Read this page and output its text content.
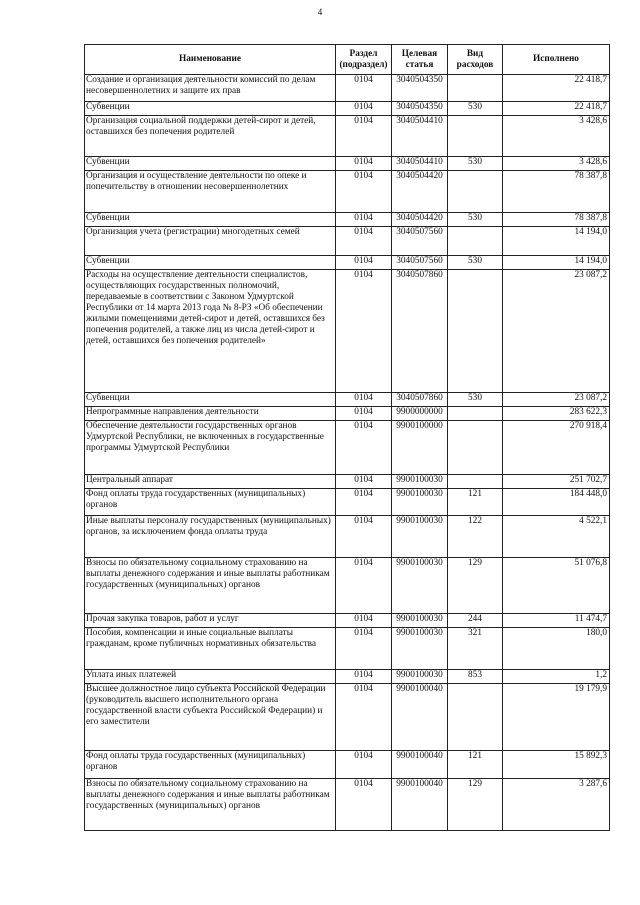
4
Наименование	Раздел (подраздел)	Целевая статья	Вид расходов	Исполнено
Создание и организация деятельности комиссий по делам несовершеннолетних и защите их прав	0104	3040504350		22 418,7
Субвенции	0104	3040504350	530	22 418,7
Организация социальной поддержки детей-сирот и детей, оставшихся без попечения родителей	0104	3040504410		3 428,6
Субвенции	0104	3040504410	530	3 428,6
Организация и осуществление деятельности по опеке и попечительству в отношении несовершеннолетних	0104	3040504420		78 387,8
Субвенции	0104	3040504420	530	78 387,8
Организация учета (регистрации) многодетных семей	0104	3040507560		14 194,0
Субвенции	0104	3040507560	530	14 194,0
Расходы на осуществление деятельности специалистов, осуществляющих государственных полномочий, передаваемые в соответствии с Законом Удмуртской Республики от 14 марта 2013 года № 8-РЗ «Об обеспечении жилыми помещениями детей-сирот и детей, оставшихся без попечения родителей, а также лиц из числа детей-сирот и детей, оставшихся без попечения родителей»	0104	3040507860		23 087,2
Субвенции	0104	3040507860	530	23 087,2
Непрограммные направления деятельности	0104	9900000000		283 622,3
Обеспечение деятельности государственных органов Удмуртской Республики, не включенных в государственные программы Удмуртской Республики	0104	9900100000		270 918,4
Центральный аппарат	0104	9900100030		251 702,7
Фонд оплаты труда государственных (муниципальных) органов	0104	9900100030	121	184 448,0
Иные выплаты персоналу государственных (муниципальных) органов, за исключением фонда оплаты труда	0104	9900100030	122	4 522,1
Взносы по обязательному социальному страхованию на выплаты денежного содержания и иные выплаты работникам государственных (муниципальных) органов	0104	9900100030	129	51 076,8
Прочая закупка товаров, работ и услуг	0104	9900100030	244	11 474,7
Пособия, компенсации и иные социальные выплаты гражданам, кроме публичных нормативных обязательства	0104	9900100030	321	180,0
Уплата иных платежей	0104	9900100030	853	1,2
Высшее должностное лицо субъекта Российской Федерации (руководитель высшего исполнительного органа государственной власти субъекта Российской Федерации) и его заместители	0104	9900100040		19 179,9
Фонд оплаты труда государственных (муниципальных) органов	0104	9900100040	121	15 892,3
Взносы по обязательному социальному страхованию на выплаты денежного содержания и иные выплаты работникам государственных (муниципальных) органов	0104	9900100040	129	3 287,6
